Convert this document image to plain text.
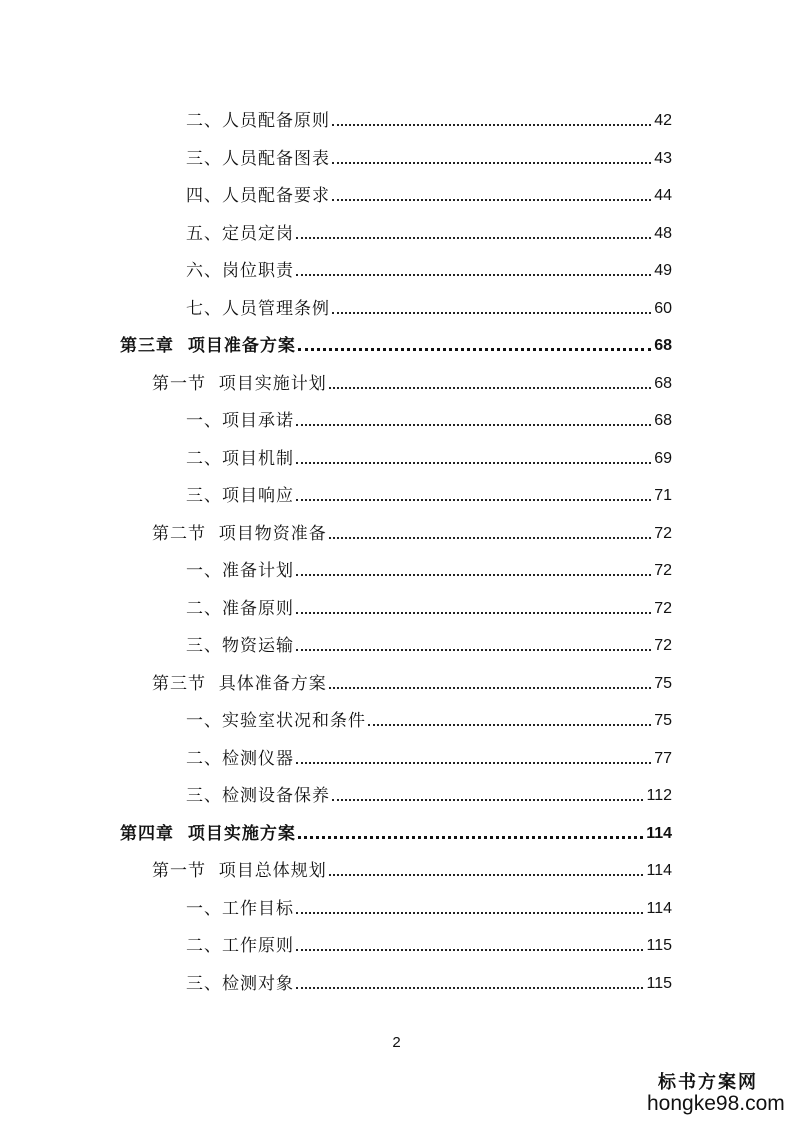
二、人员配备原则	42
三、人员配备图表	43
四、人员配备要求	44
五、定员定岗	48
六、岗位职责	49
七、人员管理条例	60
第三章  项目准备方案	68
第一节  项目实施计划	68
一、项目承诺	68
二、项目机制	69
三、项目响应	71
第二节  项目物资准备	72
一、准备计划	72
二、准备原则	72
三、物资运输	72
第三节  具体准备方案	75
一、实验室状况和条件	75
二、检测仪器	77
三、检测设备保养	112
第四章  项目实施方案	114
第一节  项目总体规划	114
一、工作目标	114
二、工作原则	115
三、检测对象	115
2
标书方案网
hongke98.com
